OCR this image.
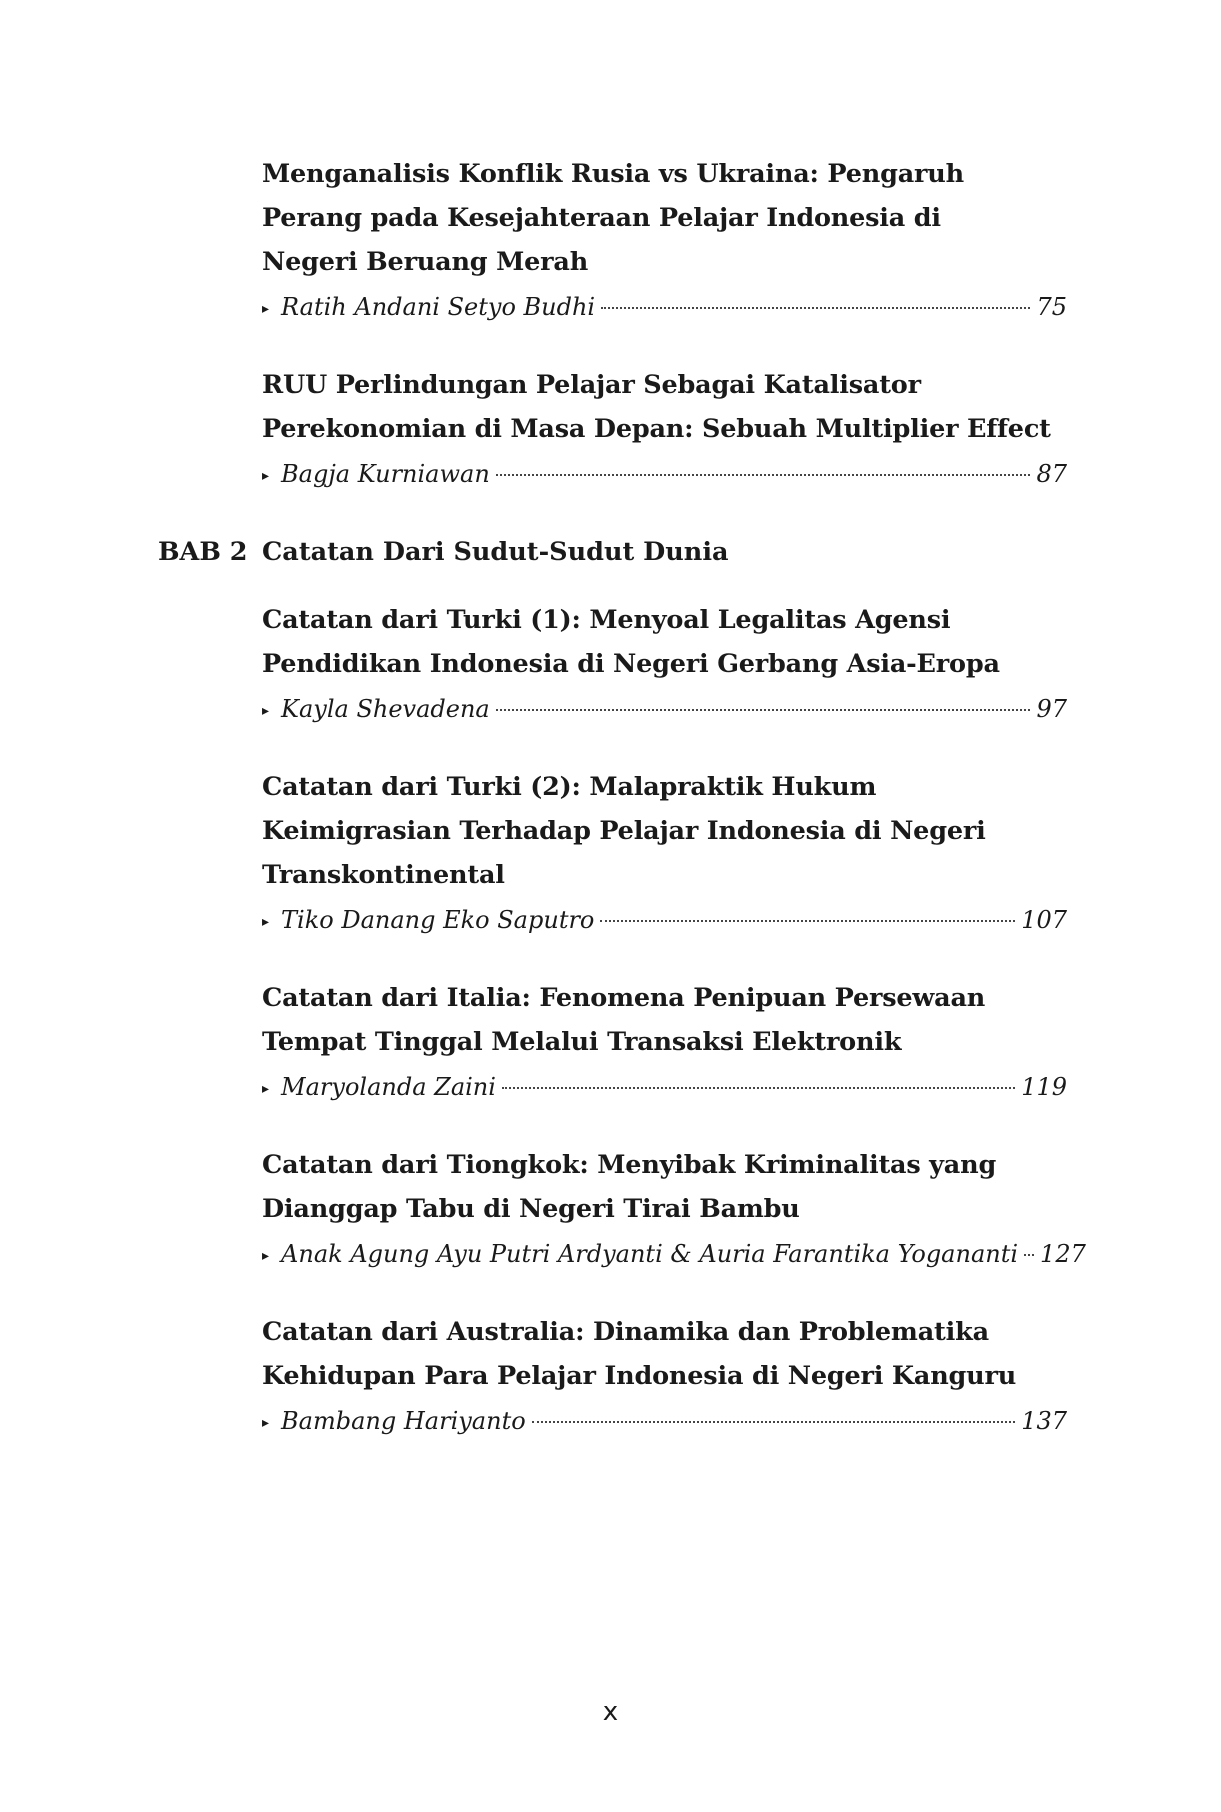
Menganalisis Konflik Rusia vs Ukraina: Pengaruh
Perang pada Kesejahteraan Pelajar Indonesia di
Negeri Beruang Merah
▸ Ratih Andani Setyo Budhi	75
RUU Perlindungan Pelajar Sebagai Katalisator
Perekonomian di Masa Depan: Sebuah Multiplier Effect
▸ Bagja Kurniawan	87
BAB 2 Catatan Dari Sudut-Sudut Dunia
Catatan dari Turki (1): Menyoal Legalitas Agensi
Pendidikan Indonesia di Negeri Gerbang Asia-Eropa
▸ Kayla Shevadena	97
Catatan dari Turki (2): Malapraktik Hukum
Keimigrasian Terhadap Pelajar Indonesia di Negeri
Transkontinental
▸ Tiko Danang Eko Saputro	107
Catatan dari Italia: Fenomena Penipuan Persewaan
Tempat Tinggal Melalui Transaksi Elektronik
▸ Maryolanda Zaini	119
Catatan dari Tiongkok: Menyibak Kriminalitas yang
Dianggap Tabu di Negeri Tirai Bambu
▸ Anak Agung Ayu Putri Ardyanti & Auria Farantika Yogananti 127
Catatan dari Australia: Dinamika dan Problematika
Kehidupan Para Pelajar Indonesia di Negeri Kanguru
▸ Bambang Hariyanto	137
x
